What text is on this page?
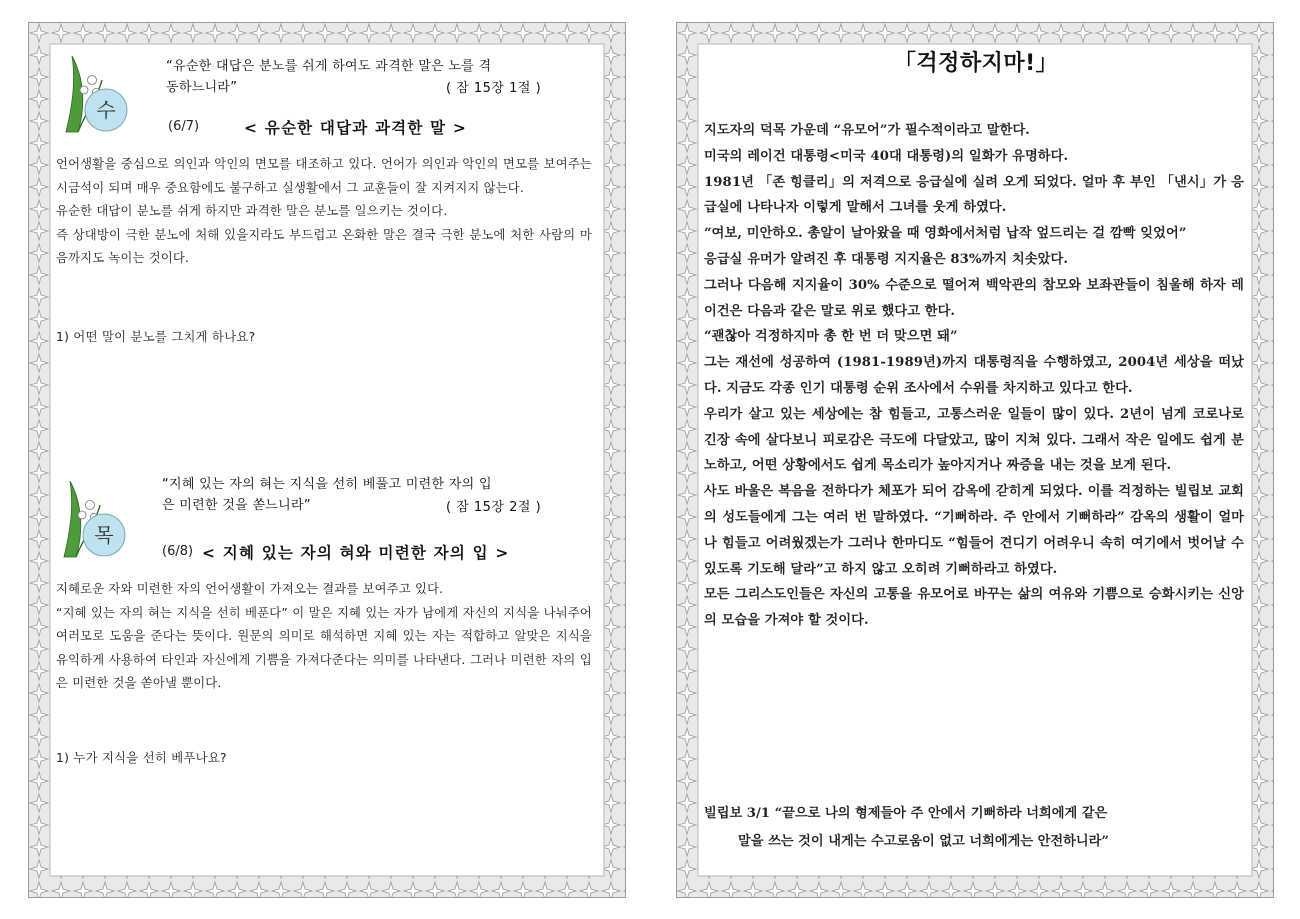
수
“유순한 대답은 분노를 쉬게 하여도 과격한 말은 노를 격
동하느니라”	( 잠 15장 1절 )
(6/7)	< 유순한 대답과 과격한 말 >

언어생활을 중심으로 의인과 악인의 면모를 대조하고 있다. 언어가 의인과 악인의 면모를 보여주는 시금석이 되며 매우 중요함에도 불구하고 실생활에서 그 교훈들이 잘 지켜지지 않는다.

유순한 대답이 분노를 쉬게 하지만 과격한 말은 분노를 일으키는 것이다.

즉 상대방이 극한 분노에 처해 있을지라도 부드럽고 온화한 말은 결국 극한 분노에 처한 사람의 마음까지도 녹이는 것이다.

1) 어떤 말이 분노를 그치게 하나요?
목
“지혜 있는 자의 혀는 지식을 선히 베풀고 미련한 자의 입
은 미련한 것을 쏟느니라”	( 잠 15장 2절 )
(6/8) < 지혜 있는 자의 혀와 미련한 자의 입 >

지혜로운 자와 미련한 자의 언어생활이 가져오는 결과를 보여주고 있다.

“지혜 있는 자의 혀는 지식을 선히 베푼다” 이 말은 지혜 있는 자가 남에게 자신의 지식을 나눠주어 여러모로 도움을 준다는 뜻이다. 원문의 의미로 해석하면 지혜 있는 자는 적합하고 알맞은 지식을 유익하게 사용하여 타인과 자신에게 기쁨을 가져다준다는 의미를 나타낸다. 그러나 미련한 자의 입은 미련한 것을 쏟아낼 뿐이다.

1) 누가 지식을 선히 베푸나요?
「걱정하지마!」

지도자의 덕목 가운데 “유모어”가 필수적이라고 말한다.

미국의 레이건 대통령<미국 40대 대통령)의 일화가 유명하다.

1981년 「존 힝클리」의 저격으로 응급실에 실려 오게 되었다. 얼마 후 부인 「낸시」가 응급실에 나타나자 이렇게 말해서 그녀를 웃게 하였다.

“여보, 미안하오. 총알이 날아왔을 때 영화에서처럼 납작 엎드리는 걸 깜빡 잊었어”

응급실 유머가 알려진 후 대통령 지지율은 83%까지 치솟았다.

그러나 다음해 지지율이 30% 수준으로 떨어져 백악관의 참모와 보좌관들이 침울해 하자 레이건은 다음과 같은 말로 위로 했다고 한다.

“괜찮아 걱정하지마 총 한 번 더 맞으면 돼”

그는 재선에 성공하여 (1981-1989년)까지 대통령직을 수행하였고, 2004년 세상을 떠났다. 지금도 각종 인기 대통령 순위 조사에서 수위를 차지하고 있다고 한다.

우리가 살고 있는 세상에는 참 힘들고, 고통스러운 일들이 많이 있다. 2년이 넘게 코로나로 긴장 속에 살다보니 피로감은 극도에 다달았고, 많이 지쳐 있다. 그래서 작은 일에도 쉽게 분노하고, 어떤 상황에서도 쉽게 목소리가 높아지거나 짜증을 내는 것을 보게 된다.

사도 바울은 복음을 전하다가 체포가 되어 감옥에 갇히게 되었다. 이를 걱정하는 빌립보 교회의 성도들에게 그는 여러 번 말하였다. “기뻐하라. 주 안에서 기뻐하라” 감옥의 생활이 얼마나 힘들고 어려웠겠는가 그러나 한마디도 “힘들어 견디기 어려우니 속히 여기에서 벗어날 수 있도록 기도해 달라”고 하지 않고 오히려 기뻐하라고 하였다.

모든 그리스도인들은 자신의 고통을 유모어로 바꾸는 삶의 여유와 기쁨으로 승화시키는 신앙의 모습을 가져야 할 것이다.

빌립보 3/1 “끝으로 나의 형제들아 주 안에서 기뻐하라 너희에게 같은
말을 쓰는 것이 내게는 수고로움이 없고 너희에게는 안전하니라”
